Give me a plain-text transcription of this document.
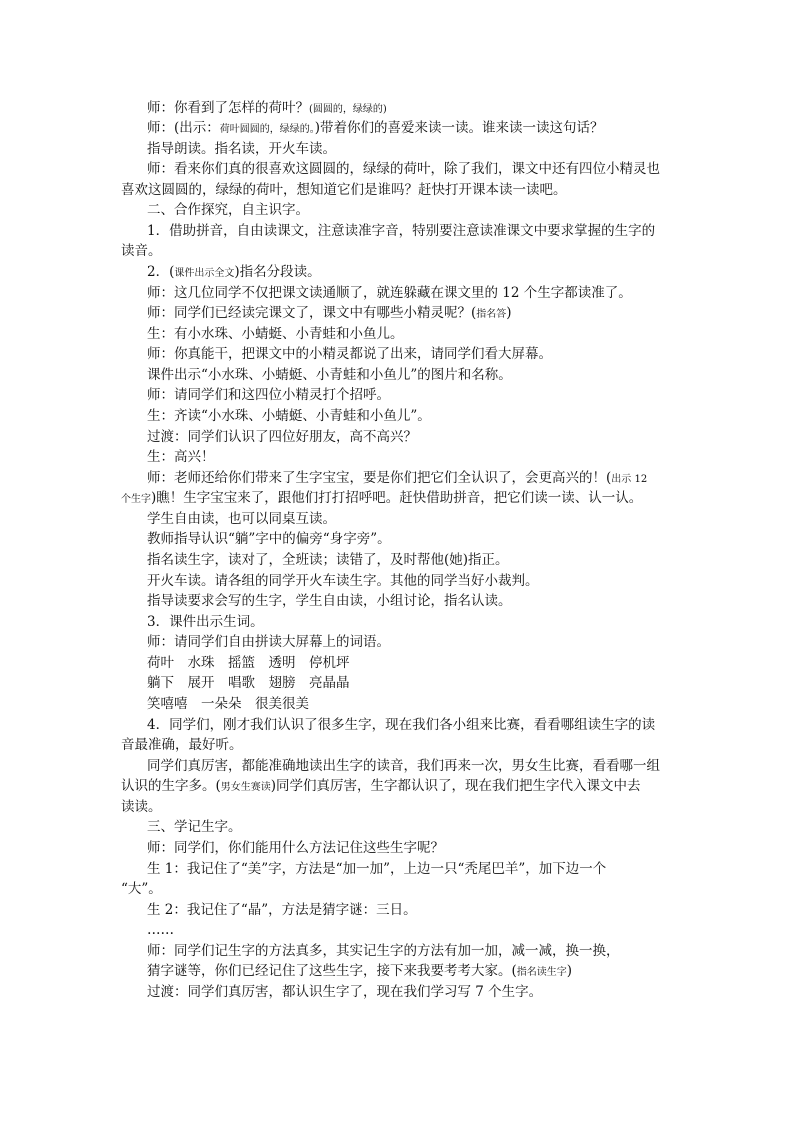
师：你看到了怎样的荷叶？(圆圆的，绿绿的)
师：(出示：荷叶圆圆的，绿绿的。)带着你们的喜爱来读一读。谁来读一读这句话？
指导朗读。指名读，开火车读。
师：看来你们真的很喜欢这圆圆的，绿绿的荷叶，除了我们，课文中还有四位小精灵也
喜欢这圆圆的，绿绿的荷叶，想知道它们是谁吗？赶快打开课本读一读吧。
二、合作探究，自主识字。
1．借助拼音，自由读课文，注意读准字音，特别要注意读准课文中要求掌握的生字的
读音。
2．(课件出示全文)指名分段读。
师：这几位同学不仅把课文读通顺了，就连躲藏在课文里的 12 个生字都读准了。
师：同学们已经读完课文了，课文中有哪些小精灵呢？(指名答)
生：有小水珠、小蜻蜓、小青蛙和小鱼儿。
师：你真能干，把课文中的小精灵都说了出来，请同学们看大屏幕。
课件出示“小水珠、小蜻蜓、小青蛙和小鱼儿”的图片和名称。
师：请同学们和这四位小精灵打个招呼。
生：齐读“小水珠、小蜻蜓、小青蛙和小鱼儿”。
过渡：同学们认识了四位好朋友，高不高兴？
生：高兴！
师：老师还给你们带来了生字宝宝，要是你们把它们全认识了，会更高兴的！(出示 12
个生字)瞧！生字宝宝来了，跟他们打打招呼吧。赶快借助拼音，把它们读一读、认一认。
学生自由读，也可以同桌互读。
教师指导认识“躺”字中的偏旁“身字旁”。
指名读生字，读对了，全班读；读错了，及时帮他(她)指正。
开火车读。请各组的同学开火车读生字。其他的同学当好小裁判。
指导读要求会写的生字，学生自由读，小组讨论，指名认读。
3．课件出示生词。
师：请同学们自由拼读大屏幕上的词语。
荷叶　水珠　摇篮　透明　停机坪
躺下　展开　唱歌　翅膀　亮晶晶
笑嘻嘻　一朵朵　很美很美
4．同学们，刚才我们认识了很多生字，现在我们各小组来比赛，看看哪组读生字的读
音最准确，最好听。
同学们真厉害，都能准确地读出生字的读音，我们再来一次，男女生比赛，看看哪一组
认识的生字多。(男女生赛读)同学们真厉害，生字都认识了，现在我们把生字代入课文中去
读读。
三、学记生字。
师：同学们，你们能用什么方法记住这些生字呢？
生 1：我记住了“美”字，方法是“加一加”，上边一只“秃尾巴羊”，加下边一个
“大”。
生 2：我记住了“晶”，方法是猜字谜：三日。
……
师：同学们记生字的方法真多，其实记生字的方法有加一加，减一减，换一换，
猜字谜等，你们已经记住了这些生字，接下来我要考考大家。(指名读生字)
过渡：同学们真厉害，都认识生字了，现在我们学习写 7 个生字。
